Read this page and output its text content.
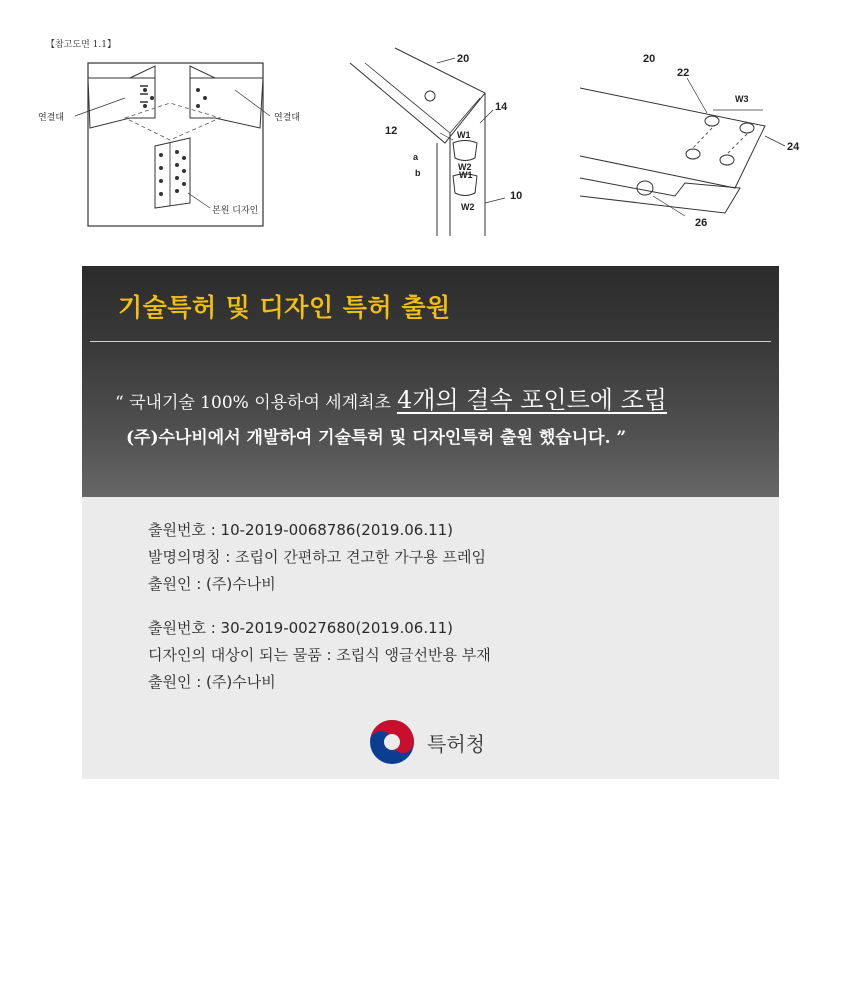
【참고도면 1.1】
연결대	연결대
본원 디자인
20
14
12
10
a
b
W1
W2
W1
W2
20
22
24
26
W3
기술특허 및 디자인 특허 출원
“ 국내기술 100% 이용하여 세계최초 4개의 결속 포인트에 조립
(주)수나비에서 개발하여 기술특허 및 디자인특허 출원 했습니다. ”
출원번호 : 10-2019-0068786(2019.06.11)
발명의명칭 : 조립이 간편하고 견고한 가구용 프레임
출원인 : (주)수나비
출원번호 : 30-2019-0027680(2019.06.11)
디자인의 대상이 되는 물품 : 조립식 앵글선반용 부재
출원인 : (주)수나비
특허청
